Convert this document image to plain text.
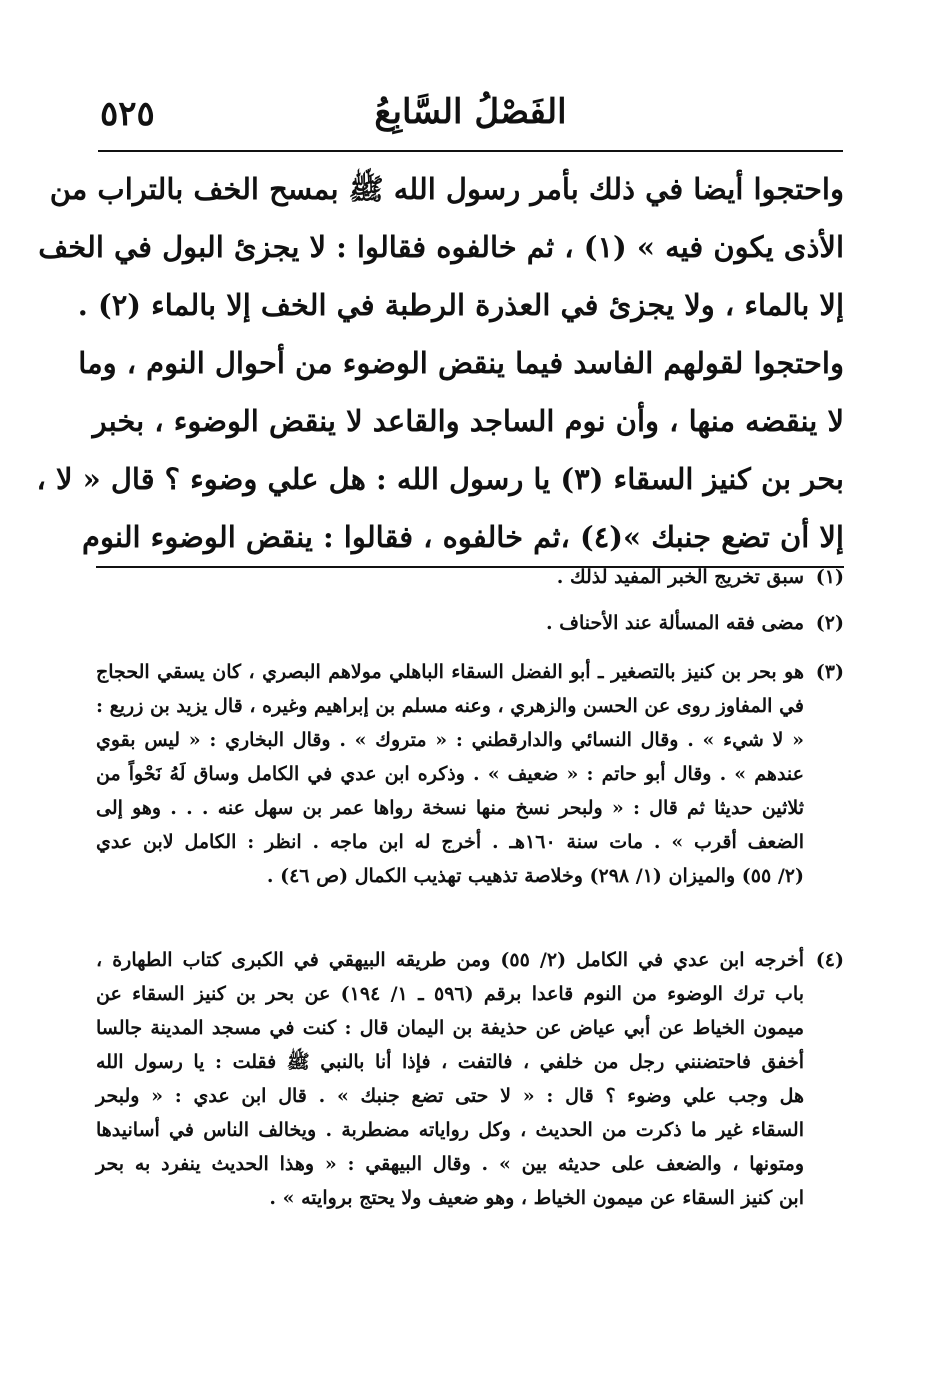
٥٢٥	الفَصْلُ السَّابِعُ
واحتجوا أيضا في ذلك بأمر رسول الله ﷺ بمسح الخف بالتراب من
الأذى يكون فيه » (١) ، ثم خالفوه فقالوا : لا يجزئ البول في الخف
إلا بالماء ، ولا يجزئ في العذرة الرطبة في الخف إلا بالماء (٢) .
واحتجوا لقولهم الفاسد فيما ينقض الوضوء من أحوال النوم ، وما
لا ينقضه منها ، وأن نوم الساجد والقاعد لا ينقض الوضوء ، بخبر
بحر بن كنيز السقاء (٣) يا رسول الله : هل علي وضوء ؟ قال « لا ،
إلا أن تضع جنبك »(٤) ،ثم خالفوه ، فقالوا : ينقض الوضوء النوم
(١)
سبق تخريج الخبر المفيد لذلك .
(٢)
مضى فقه المسألة عند الأحناف .
(٣)
هو بحر بن كنيز بالتصغير ـ أبو الفضل السقاء الباهلي مولاهم البصري ، كان يسقي الحجاج
في المفاوز روى عن الحسن والزهري ، وعنه مسلم بن إبراهيم وغيره ، قال يزيد بن زريع :
« لا شيء » . وقال النسائي والدارقطني : « متروك » . وقال البخاري : « ليس بقوي
عندهم » . وقال أبو حاتم : « ضعيف » . وذكره ابن عدي في الكامل وساق لَهُ نَحْواً من
ثلاثين حديثا ثم قال : « ولبحر نسخ منها نسخة رواها عمر بن سهل عنه . . . وهو إلى
الضعف أقرب » . مات سنة ١٦٠هـ . أخرج له ابن ماجه . انظر : الكامل لابن عدي
(٢/ ٥٥) والميزان (١/ ٢٩٨) وخلاصة تذهيب تهذيب الكمال (ص ٤٦) .
(٤)
أخرجه ابن عدي في الكامل (٢/ ٥٥) ومن طريقه البيهقي في الكبرى كتاب الطهارة ،
باب ترك الوضوء من النوم قاعدا برقم (٥٩٦ ـ ١/ ١٩٤) عن بحر بن كنيز السقاء عن
ميمون الخياط عن أبي عياض عن حذيفة بن اليمان قال : كنت في مسجد المدينة جالسا
أخفق فاحتضنني رجل من خلفي ، فالتفت ، فإذا أنا بالنبي ﷺ فقلت : يا رسول الله
هل وجب علي وضوء ؟ قال : « لا حتى تضع جنبك » . قال ابن عدي : « ولبحر
السقاء غير ما ذكرت من الحديث ، وكل رواياته مضطربة . ويخالف الناس في أسانيدها
ومتونها ، والضعف على حديثه بين » . وقال البيهقي : « وهذا الحديث ينفرد به بحر
ابن كنيز السقاء عن ميمون الخياط ، وهو ضعيف ولا يحتج بروايته » .
